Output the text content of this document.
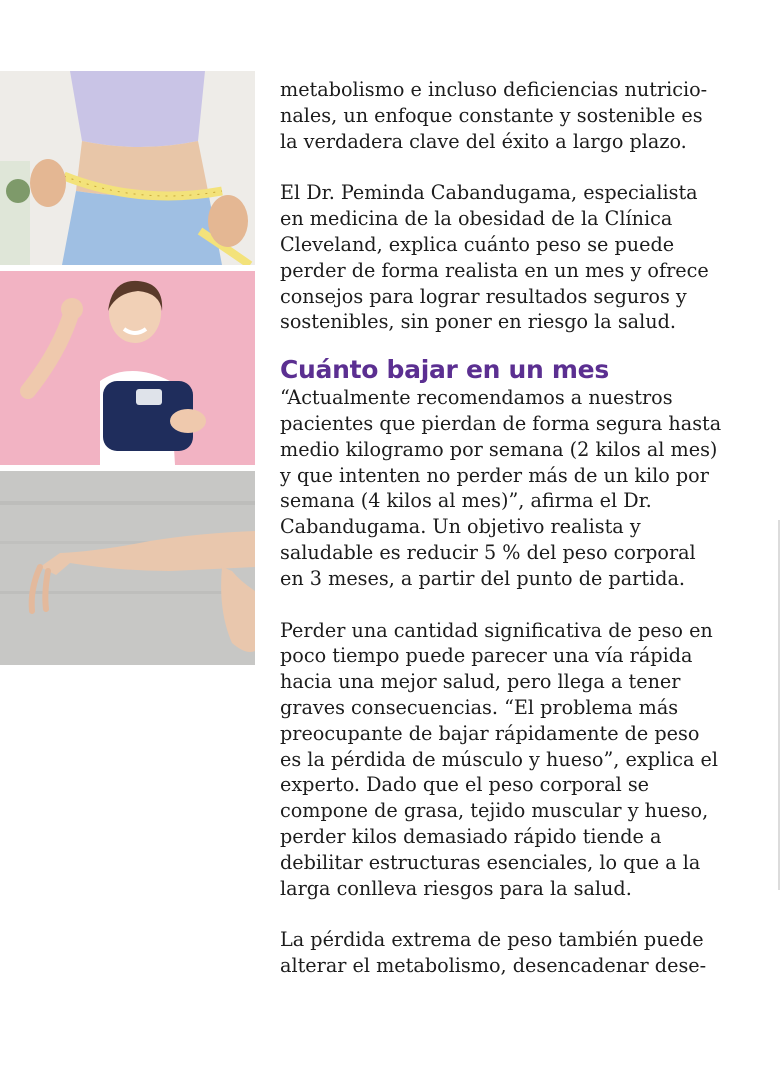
metabolismo e incluso deficiencias nutricio-nales, un enfoque constante y sostenible es la verdadera clave del éxito a largo plazo.

El Dr. Peminda Cabandugama, especialista en medicina de la obesidad de la Clínica Cleveland, explica cuánto peso se puede perder de forma realista en un mes y ofrece consejos para lograr resultados seguros y sostenibles, sin poner en riesgo la salud.

Cuánto bajar en un mes

“Actualmente recomendamos a nuestros pacientes que pierdan de forma segura hasta medio kilogramo por semana (2 kilos al mes) y que intenten no perder más de un kilo por semana (4 kilos al mes)”, afirma el Dr. Cabandugama. Un objetivo realista y saludable es reducir 5 % del peso corporal en 3 meses, a partir del punto de partida.

Perder una cantidad significativa de peso en poco tiempo puede parecer una vía rápida hacia una mejor salud, pero llega a tener graves consecuencias. “El problema más preocupante de bajar rápidamente de peso es la pérdida de músculo y hueso”, explica el experto. Dado que el peso corporal se compone de grasa, tejido muscular y hueso, perder kilos demasiado rápido tiende a debilitar estructuras esenciales, lo que a la larga conlleva riesgos para la salud.

La pérdida extrema de peso también puede alterar el metabolismo, desencadenar dese-
